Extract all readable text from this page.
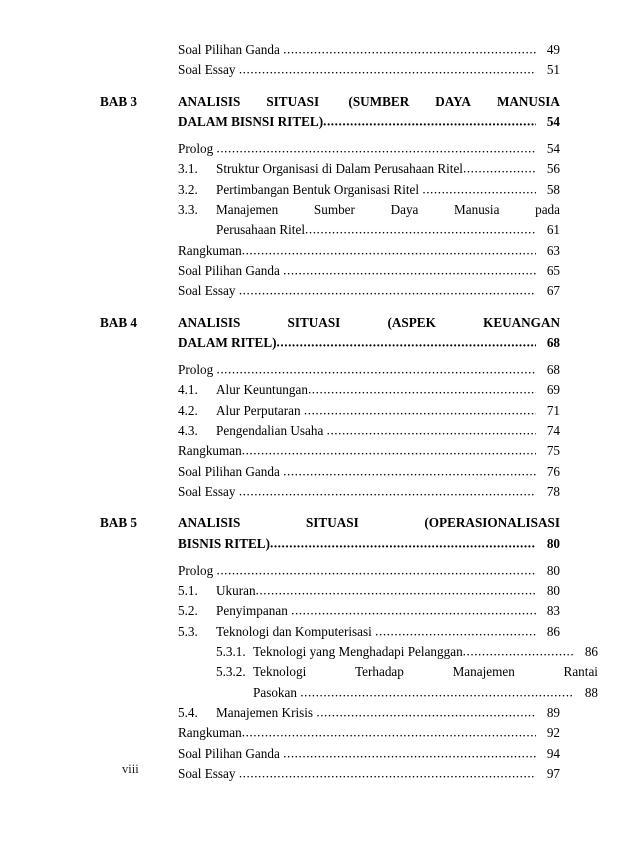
Soal Pilihan Ganda .....	49
Soal Essay .....	51
BAB 3	ANALISIS SITUASI (SUMBER DAYA MANUSIA
DALAM BISNSI RITEL) .....	54
Prolog .....	54
3.1.	Struktur Organisasi di Dalam Perusahaan Ritel .....	56
3.2.	Pertimbangan Bentuk Organisasi Ritel .....	58
3.3.	Manajemen	Sumber	Daya	Manusia	pada
Perusahaan Ritel .....	61
Rangkuman .....	63
Soal Pilihan Ganda .....	65
Soal Essay .....	67
BAB 4	ANALISIS	SITUASI	(ASPEK	KEUANGAN
DALAM RITEL) .....	68
Prolog .....	68
4.1.	Alur Keuntungan .....	69
4.2.	Alur Perputaran .....	71
4.3.	Pengendalian Usaha .....	74
Rangkuman .....	75
Soal Pilihan Ganda .....	76
Soal Essay .....	78
BAB 5	ANALISIS	SITUASI	(OPERASIONALISASI
BISNIS RITEL) .....	80
Prolog .....	80
5.1.	Ukuran .....	80
5.2.	Penyimpanan .....	83
5.3.	Teknologi dan Komputerisasi .....	86
5.3.1. Teknologi yang Menghadapi Pelanggan .....	86
5.3.2. Teknologi	Terhadap	Manajemen	Rantai
Pasokan .....	88
5.4.	Manajemen Krisis .....	89
Rangkuman .....	92
Soal Pilihan Ganda .....	94
Soal Essay .....	97
viii
